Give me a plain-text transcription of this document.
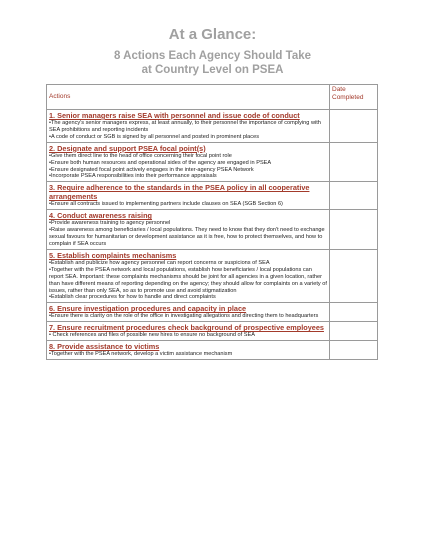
At a Glance:
8 Actions Each Agency Should Take
at Country Level on PSEA
Actions	Date Completed

1. Senior managers raise SEA with personnel and issue code of conduct
• The agency's senior managers express, at least annually, to their personnel the importance of complying with SEA prohibitions and reporting incidents
• A code of conduct or SGB is signed by all personnel and posted in prominent places

2. Designate and support PSEA focal point(s)
• Give them direct line to the head of office concerning their focal point role
• Ensure both human resources and operational sides of the agency are engaged in PSEA
• Ensure designated focal point actively engages in the inter-agency PSEA Network
• Incorporate PSEA responsibilities into their performance appraisals

3. Require adherence to the standards in the PSEA policy in all cooperative arrangements
• Ensure all contracts issued to implementing partners include clauses on SEA (SGB Section 6)

4. Conduct awareness raising
• Provide awareness training to agency personnel
• Raise awareness among beneficiaries / local populations. They need to know that they don't need to exchange sexual favours for humanitarian or development assistance as it is free, how to protect themselves, and how to complain if SEA occurs

5. Establish complaints mechanisms
• Establish and publicize how agency personnel can report concerns or suspicions of SEA
• Together with the PSEA network and local populations, establish how beneficiaries / local populations can report SEA. Important: these complaints mechanisms should be joint for all agencies in a given location, rather than have different means of reporting depending on the agency; they should allow for complaints on a variety of issues, rather than only SEA, so as to promote use and avoid stigmatization
• Establish clear procedures for how to handle and direct complaints

6. Ensure investigation procedures and capacity in place
• Ensure there is clarity on the role of the office in investigating allegations and directing them to headquarters

7. Ensure recruitment procedures check background of prospective employees
• Check references and files of possible new hires to ensure no background of SEA

8. Provide assistance to victims
• Together with the PSEA network, develop a victim assistance mechanism
